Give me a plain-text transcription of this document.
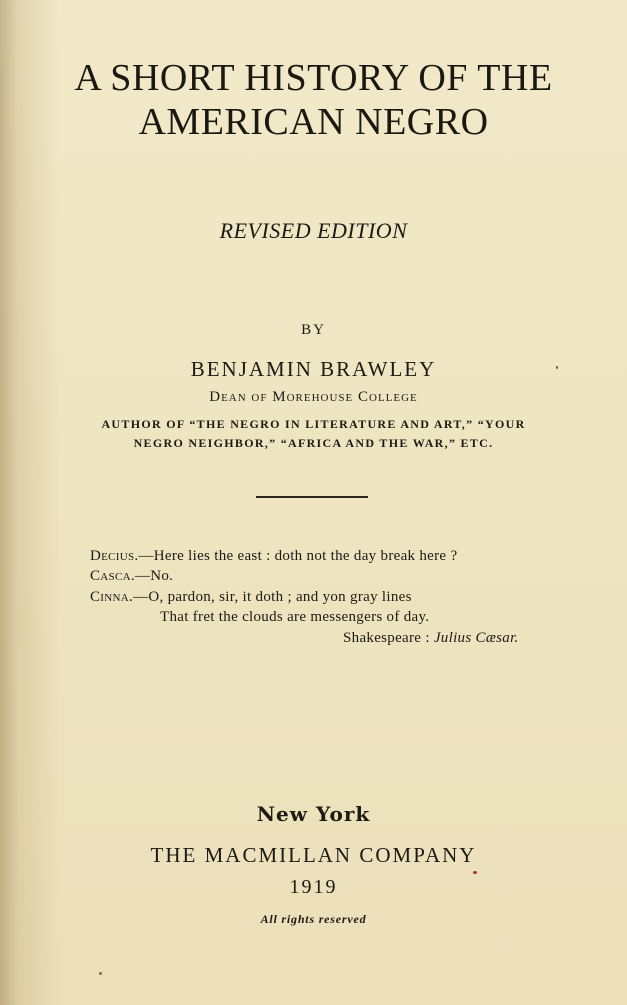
A SHORT HISTORY OF THE
AMERICAN NEGRO
REVISED EDITION
BY
BENJAMIN BRAWLEY
Dean of Morehouse College
AUTHOR OF “THE NEGRO IN LITERATURE AND ART,” “YOUR
NEGRO NEIGHBOR,” “AFRICA AND THE WAR,” ETC.
Decius.—Here lies the east : doth not the day break here ?
Casca.—No.
Cinna.—O, pardon, sir, it doth ; and yon gray lines
That fret the clouds are messengers of day.
Shakespeare : Julius Cæsar.
New York
THE MACMILLAN COMPANY
1919
All rights reserved
